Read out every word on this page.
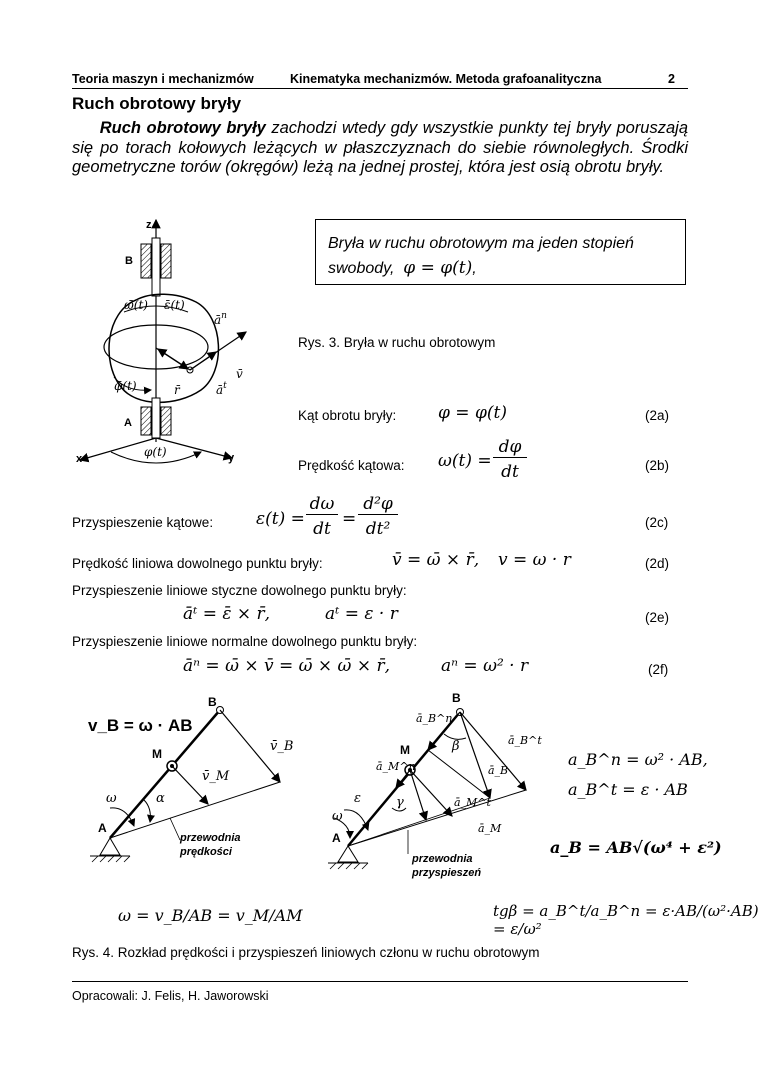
Teoria maszyn i mechanizmów	Kinematyka mechanizmów. Metoda grafoanalityczna	2
Ruch obrotowy bryły
Ruch obrotowy bryły zachodzi wtedy gdy wszystkie punkty tej bryły poruszają się po torach kołowych leżących w płaszczyznach do siebie równoległych. Środki geometryczne torów (okręgów) leżą na jednej prostej, która jest osią obrotu bryły.
Bryła w ruchu obrotowym ma jeden stopień
swobody, φ = φ(t),
z
B
A
x	y
φ(t)
v̄
r̄
$ā^n$
$ā^t$
ω̄(t) ε̄(t)
φ̄(t)
Rys. 3. Bryła w ruchu obrotowym
Kąt obrotu bryły: φ = φ(t)	(2a)
Prędkość kątowa: ω(t) =
dφ
dt	(2b)
Przyspieszenie kątowe:	ε(t) =
dω
dt =
d²φ
dt²	(2c)
Prędkość liniowa dowolnego punktu bryły:	v̄ = ω̄ × r̄, v = ω · r	(2d)
Przyspieszenie liniowe styczne dowolnego punktu bryły:
āᵗ = ε̄ × r̄,	aᵗ = ε · r	(2e)
Przyspieszenie liniowe normalne dowolnego punktu bryły:
āⁿ = ω̄ × v̄ = ω̄ × ω̄ × r̄,	aⁿ = ω² · r	(2f)
v_B = ω · AB
B
M
A
ω	α
v̄_B
v̄_M
przewodnia
prędkości
ω = v_B/AB = v_M/AM
B
M
A
ε
ω
β
γ
ā_B^n
ā_B^t
ā_B
ā_M^n
ā_M^t
ā_M
przewodnia
przyspieszeń
a_B^n = ω² · AB,
a_B^t = ε · AB
a_B = AB√(ω⁴ + ε²)
tgβ = a_B^t/a_B^n = ε·AB/(ω²·AB) = ε/ω²
Rys. 4. Rozkład prędkości i przyspieszeń liniowych członu w ruchu obrotowym
Opracowali: J. Felis, H. Jaworowski
